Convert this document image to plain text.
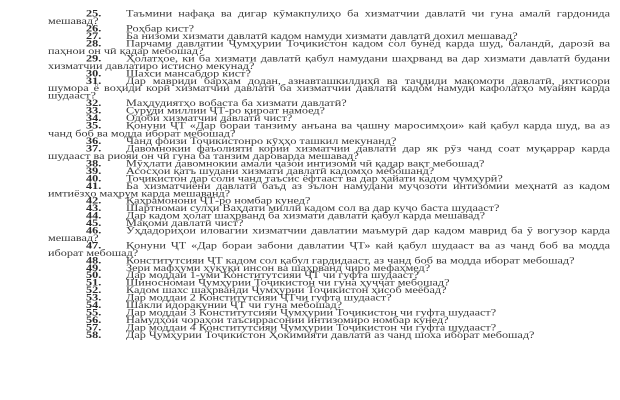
25. Таъмини нафақа ва дигар кӯмакпулиҳо ба хизматчии давлатӣ чи гуна амалӣ гардонида мешавад?

26. Роҳбар кист?

27. Ба низоми хизмати давлатӣ кадом намуди хизмати давлатӣ дохил мешавад?

28. Парчами давлатии Ҷумҳурии Тоҷикистон кадом сол бунёд карда шуд, баландӣ, дарозӣ ва паҳнои он чӣ қадар мебошад?

29. Ҳолатҳое, ки ба хизмати давлатӣ қабул намудани шаҳрванд ва дар хизмати давлатӣ будани хизматчии давлатиро истисно мекунад?

30. Шахси мансабдор кист?

31. Дар мавриди барҳам додан, азнавташкилдиҳӣ ва таҷдиди мақомоти давлатӣ, ихтисори шумора ё воҳиди корӣ хизматчии давлатӣ ба хизматчии давлатӣ кадом намуди кафолатҳо муайян карда шудааст?

32. Маҳдудиятҳо вобаста ба хизмати давлатӣ?

33. Суруди миллии ҶТ-ро қироат намоед?

34. Одоби хизматчии давлатӣ чист?

35. Қонуни ҶТ «Дар бораи танзиму анъана ва ҷашну маросимҳои» кай қабул карда шуд, ва аз чанд боб ва модда иборат мебошад?

36. Чанд фоизи Тоҷикистонро кӯҳҳо ташкил мекунанд?

37. Давомнокии фаъолияти кории хизматчии давлатӣ дар як рӯз чанд соат муқаррар карда шудааст ва риояи он чӣ гуна ба танзим дароварда мешавад?

38. Мӯҳлати давомнокии амали ҷазои интизомӣ чӣ қадар вақт мебошад?

39. Асосҳои қатъ шудани хизмати давлатӣ кадомҳо мебошанд?

40. Тоҷикистон дар соли чанд таъсис ёфтааст ва дар ҳайати кадом ҷумҳурӣ?

41. Ба хизматчиёни давлатӣ баъд аз эълон намудани муҷозоти интизомии меҳнатӣ аз кадом имтиёзҳо маҳрум карда мешаванд?

42. Қаҳрамонони ҶТ-ро номбар кунед?

43. Шартномаи сулҳи Ваҳдати миллӣ кадом сол ва дар куҷо баста шудааст?

44. Дар кадом ҳолат шаҳрванд ба хизмати давлатӣ қабул карда мешавад?

45. Мақоми давлатӣ чист?

46. Ӯҳдадориҳои иловагии хизматчии давлатии маъмурӣ дар кадом маврид ба ӯ вогузор карда мешавад?

47. Қонуни ҶТ «Дар бораи забони давлатии ҶТ» кай қабул шудааст ва аз чанд боб ва модда иборат мебошад?

48. Конститутсияи ҶТ кадом сол қабул гардидааст, аз чанд боб ва модда иборат мебошад?

49. Зери мафҳуми ҳуқуқи инсон ва шаҳрванд чиро мефаҳмед?

50. Дар моддаи 1-уми Конститутсияи ҶТ чи гуфта шудааст?

51. Шиносномаи Ҷумҳурии Тоҷикистон чи гуна ҳуҷҷат мебошад?

52. Кадом шахс шаҳрванди Ҷумҳурии Тоҷикистон ҳисоб меёбад?

53. Дар моддаи 2 Конститутсияи ҶТчи гуфта шудааст?

54. Шакли идоракунии ҶТ чи гуна мебошад?

55. Дар моддаи 3 Конститутсияи Ҷумҳурии Тоҷикистон чи гуфта шудааст?

56. Намудҳои чораҳои таъсиррасонии интизомиро номбар кунед?

57. Дар моддаи 4 Конститутсияи Ҷумҳурии Тоҷикистон чи гуфта шудааст?

58. Дар Ҷумҳурии Тоҷикистон Ҳокимияти давлатӣ аз чанд шоха иборат мебошад?
